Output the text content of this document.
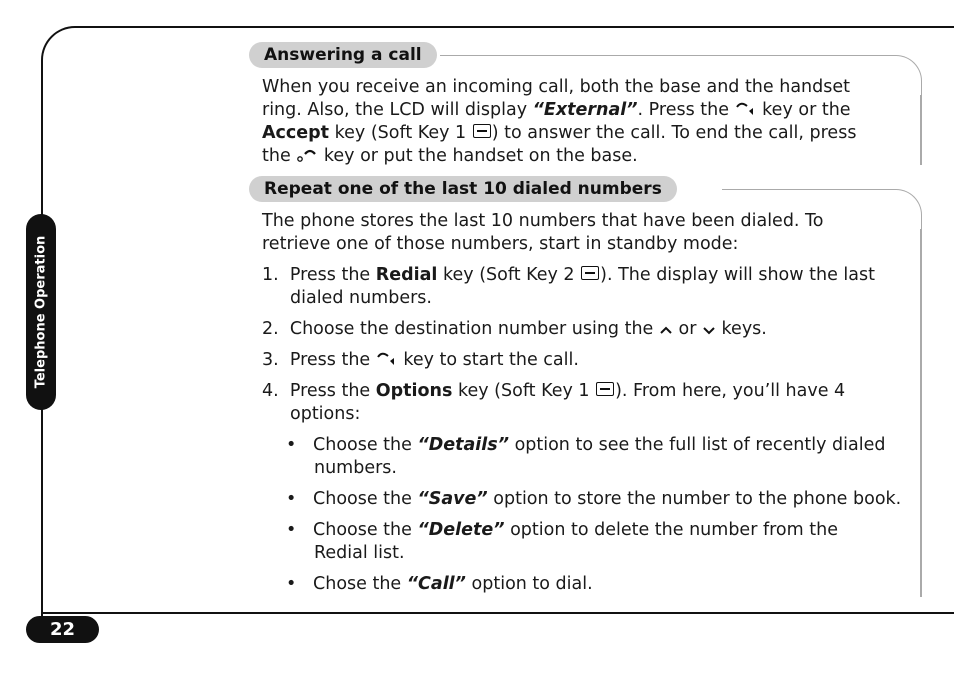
Telephone Operation
22
Answering a call
When you receive an incoming call, both the base and the handset
ring. Also, the LCD will display “External”. Press the key or the
Accept key (Soft Key 1 ) to answer the call. To end the call, press
the key or put the handset on the base.
Repeat one of the last 10 dialed numbers
The phone stores the last 10 numbers that have been dialed. To
retrieve one of those numbers, start in standby mode:
1. Press the Redial key (Soft Key 2 ). The display will show the last
dialed numbers.
2. Choose the destination number using the or keys.
3. Press the key to start the call.
4. Press the Options key (Soft Key 1 ). From here, you’ll have 4
options:
•   Choose the “Details” option to see the full list of recently dialed
numbers.
•   Choose the “Save” option to store the number to the phone book.
•   Choose the “Delete” option to delete the number from the
Redial list.
•   Chose the “Call” option to dial.
